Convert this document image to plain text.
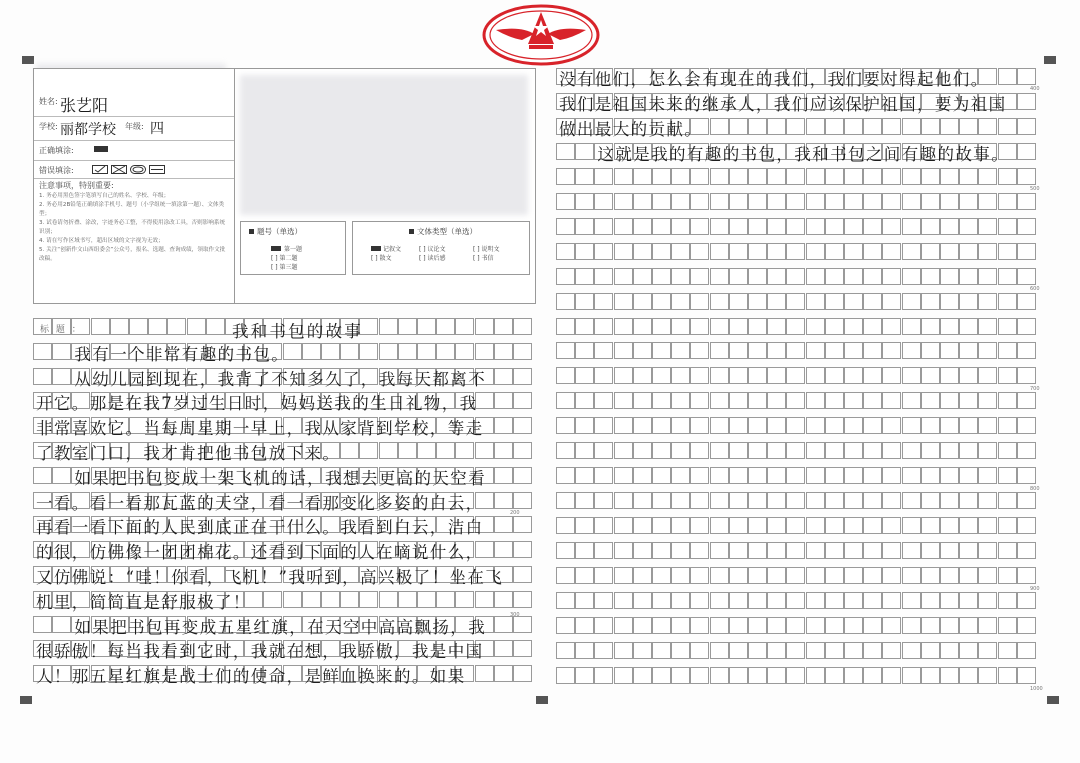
姓名: 张艺阳
学校: 丽都学校 年级: 四
正确填涂:
错误填涂:
注意事项，特别重要:
1. 务必用黑色签字笔填写自己的姓名、学校、年级；
2. 务必用2B铅笔正确填涂手机号、题号（小学组统一填涂第一题）、文体类型；
3. 试卷请勿折叠、涂改，字迹务必工整，不得使用涂改工具，否则影响系统识别；
4. 请在写作区域书写，超出区域的文字视为无效；
5. 关注“创新作文山西组委会”公众号，报名、选题、查询成绩，领取作文批改稿。
题号（单选）
第一题
[ ] 第二题
[ ] 第三题
文体类型（单选）
记叙文	[ ] 议论文	[ ] 说明文
[ ] 散文	[ ] 读后感	[ ] 书信
我有一个非常有趣的书包。
从幼儿园到现在，我背了不知多久了，我每天都离不
开它。那是在我7岁过生日时，妈妈送我的生日礼物，我
非常喜欢它。当每周星期一早上，我从家背到学校，等走
了教室门口，我才肯把他书包放下来。
如果把书包变成一架飞机的话，我想去更高的天空看
一看。看一看那瓦蓝的天空，看一看那变化多姿的白云，
再看一看下面的人民到底正在干什么。我看到白云，洁白
的很，仿佛像一团团棉花。还看到下面的人在嘀说什么，
又仿佛说：“哇！你看，飞机！”我听到，高兴极了！坐在飞
机里，简简直是舒服极了！
如果把书包再变成五星红旗，在天空中高高飘扬，我
很骄傲！每当我看到它时，我就在想，我骄傲，我是中国
人！那五星红旗是战士们的使命，是鲜血换来的。如果
没有他们，怎么会有现在的我们，我们要对得起他们。
我们是祖国未来的继承人，我们应该保护祖国，要为祖国
做出最大的贡献。
这就是我的有趣的书包，我和书包之间有趣的故事。
标 题 ：	我和书包的故事
200
300
400
500
600
700
800
900
1000
